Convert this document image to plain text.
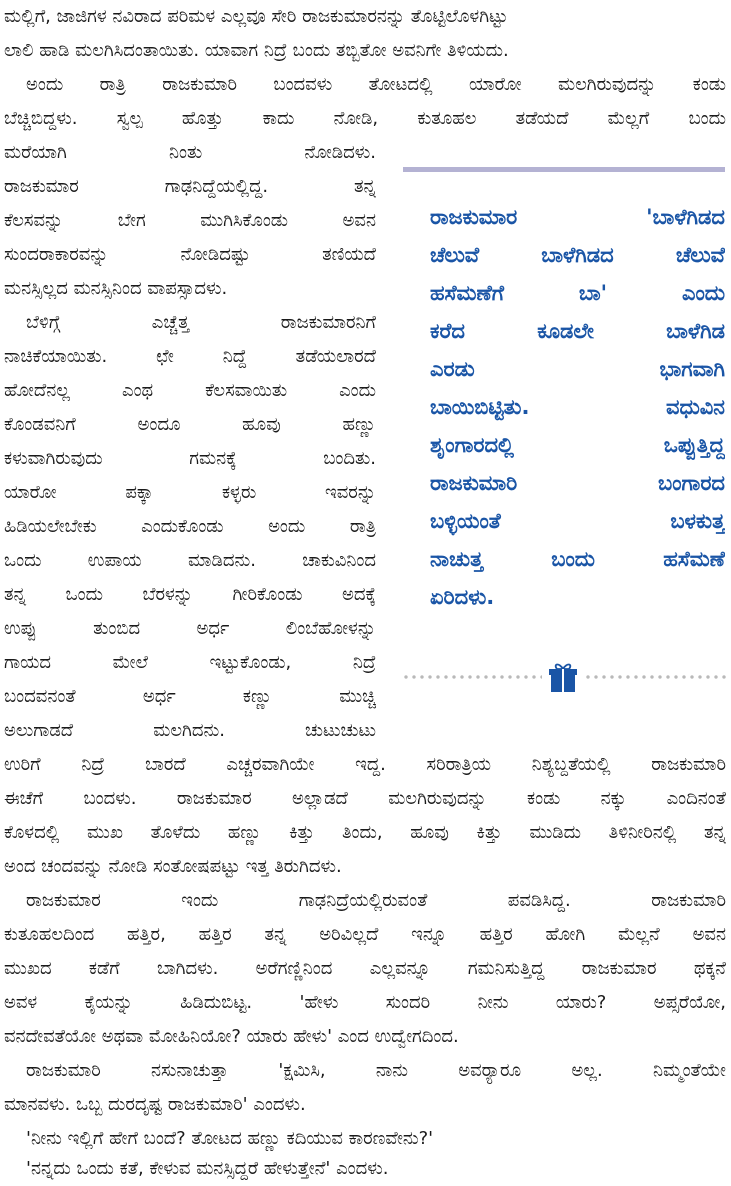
ಮಲ್ಲಿಗೆ, ಜಾಜಿಗಳ ನವಿರಾದ ಪರಿಮಳ ಎಲ್ಲವೂ ಸೇರಿ ರಾಜಕುಮಾರನನ್ನು ತೊಟ್ಟಿಲೊಳಗಿಟ್ಟು
ಲಾಲಿ ಹಾಡಿ ಮಲಗಿಸಿದಂತಾಯಿತು. ಯಾವಾಗ ನಿದ್ರೆ ಬಂದು ತಬ್ಬಿತೋ ಅವನಿಗೇ ತಿಳಿಯದು.
ಅಂದು ರಾತ್ರಿ ರಾಜಕುಮಾರಿ ಬಂದವಳು ತೋಟದಲ್ಲಿ ಯಾರೋ ಮಲಗಿರುವುದನ್ನು ಕಂಡು
ಬೆಚ್ಚಿಬಿದ್ದಳು. ಸ್ವಲ್ಪ ಹೊತ್ತು ಕಾದು ನೋಡಿ, ಕುತೂಹಲ ತಡೆಯದೆ ಮೆಲ್ಲಗೆ ಬಂದು
ಮರೆಯಾಗಿ ನಿಂತು ನೋಡಿದಳು.
ರಾಜಕುಮಾರ ಗಾಢನಿದ್ದೆಯಲ್ಲಿದ್ದ. ತನ್ನ
ಕೆಲಸವನ್ನು ಬೇಗ ಮುಗಿಸಿಕೊಂಡು ಅವನ
ಸುಂದರಾಕಾರವನ್ನು ನೋಡಿದಷ್ಟು ತಣಿಯದೆ
ಮನಸ್ಸಿಲ್ಲದ ಮನಸ್ಸಿನಿಂದ ವಾಪಸ್ಸಾದಳು.
ಬೆಳಿಗ್ಗೆ ಎಚ್ಚೆತ್ತ ರಾಜಕುಮಾರನಿಗೆ
ನಾಚಿಕೆಯಾಯಿತು. ಛೇ ನಿದ್ದೆ ತಡೆಯಲಾರದೆ
ಹೋದೆನಲ್ಲ ಎಂಥ ಕೆಲಸವಾಯಿತು ಎಂದು
ಕೊಂಡವನಿಗೆ ಅಂದೂ ಹೂವು ಹಣ್ಣು
ಕಳುವಾಗಿರುವುದು ಗಮನಕ್ಕೆ ಬಂದಿತು.
ಯಾರೋ ಪಕ್ಕಾ ಕಳ್ಳರು ಇವರನ್ನು
ಹಿಡಿಯಲೇಬೇಕು ಎಂದುಕೊಂಡು ಅಂದು ರಾತ್ರಿ
ಒಂದು ಉಪಾಯ ಮಾಡಿದನು. ಚಾಕುವಿನಿಂದ
ತನ್ನ ಒಂದು ಬೆರಳನ್ನು ಗೀರಿಕೊಂಡು ಅದಕ್ಕೆ
ಉಪ್ಪು ತುಂಬಿದ ಅರ್ಧ ಲಿಂಬೆಹೋಳನ್ನು
ಗಾಯದ ಮೇಲೆ ಇಟ್ಟುಕೊಂಡು, ನಿದ್ರೆ
ಬಂದವನಂತೆ ಅರ್ಧ ಕಣ್ಣು ಮುಚ್ಚಿ
ಅಲುಗಾಡದೆ ಮಲಗಿದನು. ಚುಟುಚುಟು
ಉರಿಗೆ ನಿದ್ರೆ ಬಾರದೆ ಎಚ್ಚರವಾಗಿಯೇ ಇದ್ದ. ಸರಿರಾತ್ರಿಯ ನಿಶ್ಯಬ್ದತೆಯಲ್ಲಿ ರಾಜಕುಮಾರಿ
ಈಚೆಗೆ ಬಂದಳು. ರಾಜಕುಮಾರ ಅಲ್ಲಾಡದೆ ಮಲಗಿರುವುದನ್ನು ಕಂಡು ನಕ್ಕು ಎಂದಿನಂತೆ
ಕೊಳದಲ್ಲಿ ಮುಖ ತೊಳೆದು ಹಣ್ಣು ಕಿತ್ತು ತಿಂದು, ಹೂವು ಕಿತ್ತು ಮುಡಿದು ತಿಳಿನೀರಿನಲ್ಲಿ ತನ್ನ
ಅಂದ ಚಂದವನ್ನು ನೋಡಿ ಸಂತೋಷಪಟ್ಟು ಇತ್ತ ತಿರುಗಿದಳು.
ರಾಜಕುಮಾರ ಇಂದು ಗಾಢನಿದ್ರೆಯಲ್ಲಿರುವಂತೆ ಪವಡಿಸಿದ್ದ. ರಾಜಕುಮಾರಿ
ಕುತೂಹಲದಿಂದ ಹತ್ತಿರ, ಹತ್ತಿರ ತನ್ನ ಅರಿವಿಲ್ಲದೆ ಇನ್ನೂ ಹತ್ತಿರ ಹೋಗಿ ಮೆಲ್ಲನೆ ಅವನ
ಮುಖದ ಕಡೆಗೆ ಬಾಗಿದಳು. ಅರೆಗಣ್ಣಿನಿಂದ ಎಲ್ಲವನ್ನೂ ಗಮನಿಸುತ್ತಿದ್ದ ರಾಜಕುಮಾರ ಥಕ್ಕನೆ
ಅವಳ ಕೈಯನ್ನು ಹಿಡಿದುಬಿಟ್ಟ. 'ಹೇಳು ಸುಂದರಿ ನೀನು ಯಾರು? ಅಪ್ಸರೆಯೋ,
ವನದೇವತೆಯೋ ಅಥವಾ ಮೋಹಿನಿಯೋ? ಯಾರು ಹೇಳು' ಎಂದ ಉದ್ವೇಗದಿಂದ.
ರಾಜಕುಮಾರಿ ನಸುನಾಚುತ್ತಾ 'ಕ್ಷಮಿಸಿ, ನಾನು ಅವರ್‍ಯಾರೂ ಅಲ್ಲ. ನಿಮ್ಮಂತೆಯೇ
ಮಾನವಳು. ಒಬ್ಬ ದುರದೃಷ್ಟ ರಾಜಕುಮಾರಿ' ಎಂದಳು.
'ನೀನು ಇಲ್ಲಿಗೆ ಹೇಗೆ ಬಂದೆ? ತೋಟದ ಹಣ್ಣು ಕದಿಯುವ ಕಾರಣವೇನು?'
'ನನ್ನದು ಒಂದು ಕತೆ, ಕೇಳುವ ಮನಸ್ಸಿದ್ದರೆ ಹೇಳುತ್ತೇನೆ' ಎಂದಳು.
ರಾಜಕುಮಾರ 'ಬಾಳೆಗಿಡದ
ಚೆಲುವೆ ಬಾಳೆಗಿಡದ ಚೆಲುವೆ
ಹಸೆಮಣೆಗೆ ಬಾ' ಎಂದು
ಕರೆದ ಕೂಡಲೇ ಬಾಳೆಗಿಡ
ಎರಡು ಭಾಗವಾಗಿ
ಬಾಯಿಬಿಟ್ಟಿತು. ವಧುವಿನ
ಶೃಂಗಾರದಲ್ಲಿ ಒಪ್ಪುತ್ತಿದ್ದ
ರಾಜಕುಮಾರಿ ಬಂಗಾರದ
ಬಳ್ಳಿಯಂತೆ ಬಳಕುತ್ತ
ನಾಚುತ್ತ ಬಂದು ಹಸೆಮಣೆ
ಏರಿದಳು.
